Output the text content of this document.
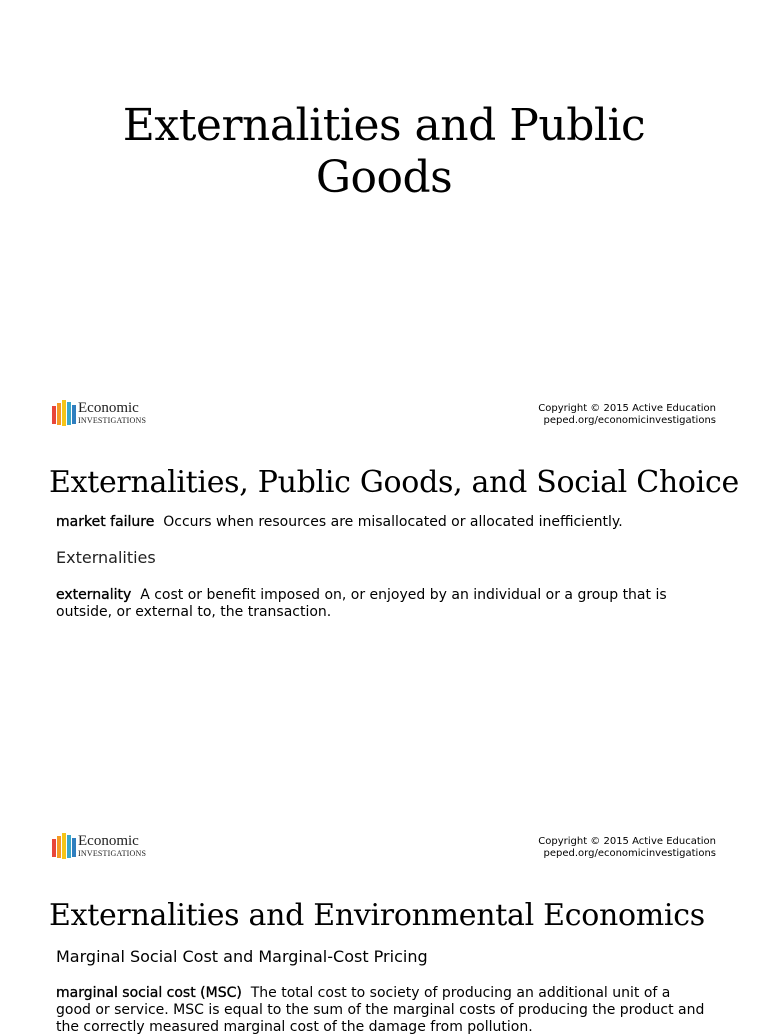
Externalities and Public
Goods
Economic
INVESTIGATIONS
Copyright © 2015 Active Education
peped.org/economicinvestigations
Externalities, Public Goods, and Social Choice
market failure Occurs when resources are misallocated or allocated inefficiently.
Externalities
externality A cost or benefit imposed on, or enjoyed by an individual or a group that is outside, or external to, the transaction.
Economic
INVESTIGATIONS
Copyright © 2015 Active Education
peped.org/economicinvestigations
Externalities and Environmental Economics
Marginal Social Cost and Marginal-Cost Pricing
marginal social cost (MSC) The total cost to society of producing an additional unit of a good or service. MSC is equal to the sum of the marginal costs of producing the product and the correctly measured marginal cost of the damage from pollution.
